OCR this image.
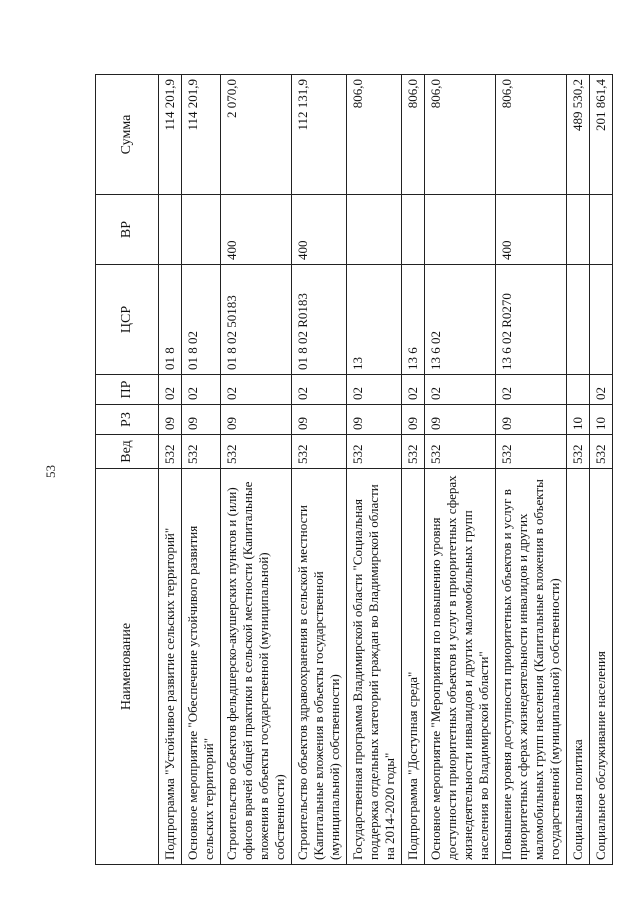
53
Наименование	Вед	РЗ	ПР	ЦСР	ВР	Сумма
Подпрограмма "Устойчивое развитие сельских территорий"	532	09	02	01 8		114 201,9
Основное мероприятие "Обеспечение устойчивого развития сельских территорий"	532	09	02	01 8 02		114 201,9
Строительство объектов фельдшерско-акушерских пунктов и (или) офисов врачей общей практики в сельской местности (Капитальные вложения в объекты государственной (муниципальной) собственности)	532	09	02	01 8 02 50183	400	2 070,0
Строительство объектов здравоохранения в сельской местности (Капитальные вложения в объекты государственной (муниципальной) собственности)	532	09	02	01 8 02 R0183	400	112 131,9
Государственная программа Владимирской области "Социальная поддержка отдельных категорий граждан во Владимирской области на 2014-2020 годы"	532	09	02	13		806,0
Подпрограмма "Доступная среда"	532	09	02	13 6		806,0
Основное мероприятие "Мероприятия по повышению уровня доступности приоритетных объектов и услуг в приоритетных сферах жизнедеятельности инвалидов и других маломобильных групп населения во Владимирской области"	532	09	02	13 6 02		806,0
Повышение уровня доступности приоритетных объектов и услуг в приоритетных сферах жизнедеятельности инвалидов и других маломобильных групп населения (Капитальные вложения в объекты государственной (муниципальной) собственности)	532	09	02	13 6 02 R0270	400	806,0
Социальная политика	532	10				489 530,2
Социальное обслуживание населения	532	10	02			201 861,4
